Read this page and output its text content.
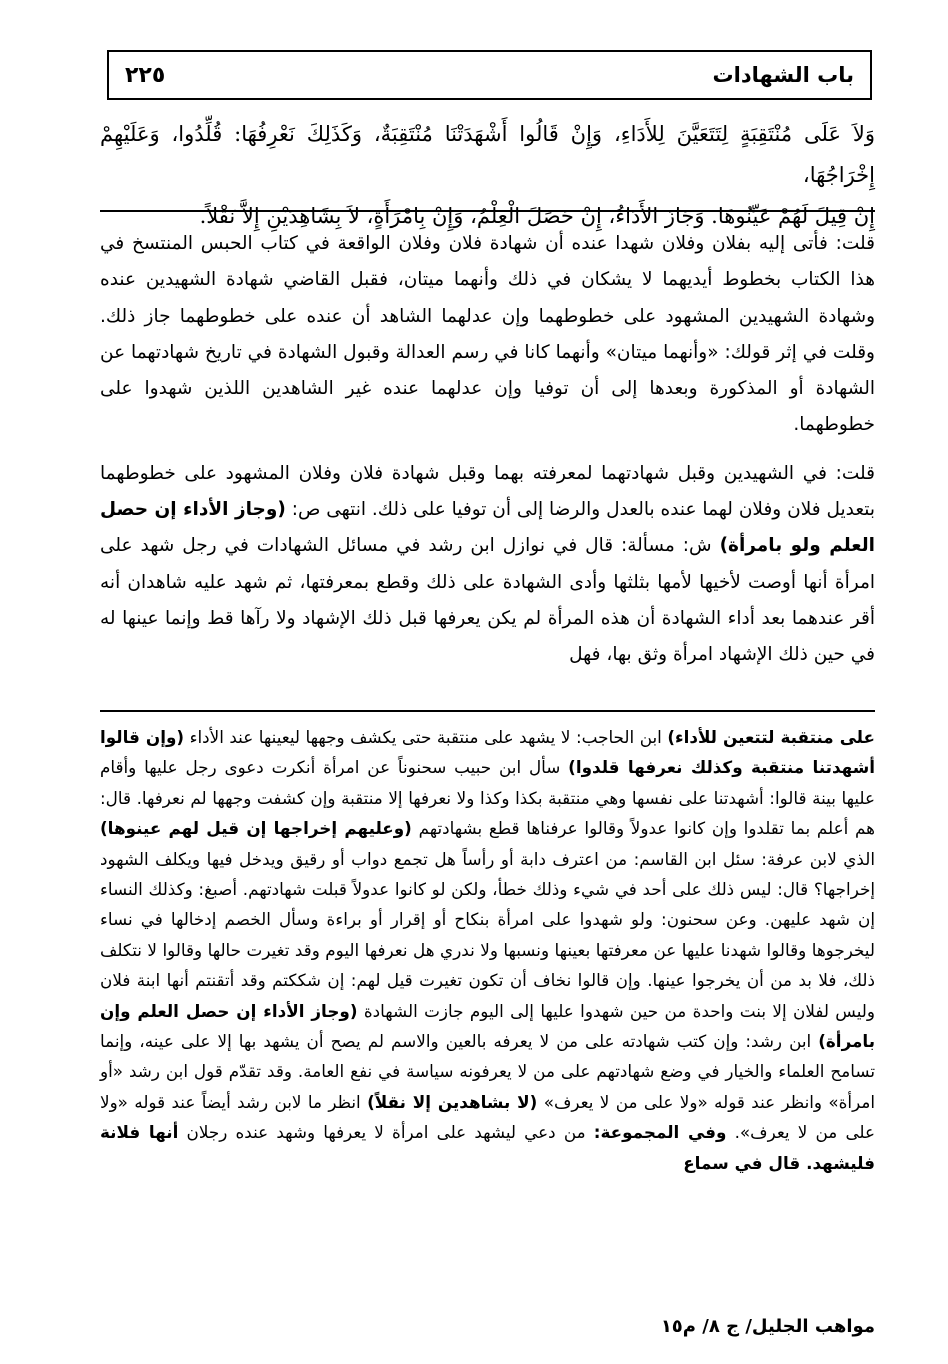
باب الشهادات
٢٢٥

وَلاَ عَلَى مُنْتَقِبَةٍ لِتَتَعَيَّنَ لِلأَدَاءِ، وَإِنْ قَالُوا أَشْهَدَتْنَا مُنْتَقِبَةٌ، وَكَذَلِكَ نَعْرِفُهَا: قُلِّدُوا، وَعَلَيْهِمْ إِخْرَاجُهَا،

إِنْ قِيلَ لَهُمْ عَيِّنُوهَا. وَجَازَ الأَدَاءُ، إِنْ حَصَلَ الْعِلْمُ، وَإِنْ بِامْرَأَةٍ، لاَ بِشَاهِدَيْنِ إِلاَّ نَقْلاً.

قلت: فأتى إليه بفلان وفلان شهدا عنده أن شهادة فلان وفلان الواقعة في كتاب الحبس المنتسخ في هذا الكتاب بخطوط أيديهما لا يشكان في ذلك وأنهما ميتان، فقبل القاضي شهادة الشهيدين عنده وشهادة الشهيدين المشهود على خطوطهما وإن عدلهما الشاهد أن عنده على خطوطهما جاز ذلك. وقلت في إثر قولك: «وأنهما ميتان» وأنهما كانا في رسم العدالة وقبول الشهادة في تاريخ شهادتهما عن الشهادة أو المذكورة وبعدها إلى أن توفيا وإن عدلهما عنده غير الشاهدين اللذين شهدوا على خطوطهما.

قلت: في الشهيدين وقبل شهادتهما لمعرفته بهما وقبل شهادة فلان وفلان المشهود على خطوطهما بتعديل فلان وفلان لهما عنده بالعدل والرضا إلى أن توفيا على ذلك. انتهى ص: (وجاز الأداء إن حصل العلم ولو بامرأة) ش: مسألة: قال في نوازل ابن رشد في مسائل الشهادات في رجل شهد على امرأة أنها أوصت لأخيها لأمها بثلثها وأدى الشهادة على ذلك وقطع بمعرفتها، ثم شهد عليه شاهدان أنه أقر عندهما بعد أداء الشهادة أن هذه المرأة لم يكن يعرفها قبل ذلك الإشهاد ولا رآها قط وإنما عينها له في حين ذلك الإشهاد امرأة وثق بها، فهل

على منتقبة لتتعين للأداء) ابن الحاجب: لا يشهد على منتقبة حتى يكشف وجهها ليعينها عند الأداء (وإن قالوا أشهدتنا منتقبة وكذلك نعرفها قلدوا) سأل ابن حبيب سحنوناً عن امرأة أنكرت دعوى رجل عليها وأقام عليها بينة قالوا: أشهدتنا على نفسها وهي منتقبة بكذا وكذا ولا نعرفها إلا منتقبة وإن كشفت وجهها لم نعرفها. قال: هم أعلم بما تقلدوا وإن كانوا عدولاً وقالوا عرفناها قطع بشهادتهم (وعليهم إخراجها إن قيل لهم عينوها) الذي لابن عرفة: سئل ابن القاسم: من اعترف دابة أو رأساً هل تجمع دواب أو رقيق ويدخل فيها ويكلف الشهود إخراجها؟ قال: ليس ذلك على أحد في شيء وذلك خطأ، ولكن لو كانوا عدولاً قبلت شهادتهم. أصبغ: وكذلك النساء إن شهد عليهن. وعن سحنون: ولو شهدوا على امرأة بنكاح أو إقرار أو براءة وسأل الخصم إدخالها في نساء ليخرجوها وقالوا شهدنا عليها عن معرفتها بعينها ونسبها ولا ندري هل نعرفها اليوم وقد تغيرت حالها وقالوا لا نتكلف ذلك، فلا بد من أن يخرجوا عينها. وإن قالوا نخاف أن تكون تغيرت قيل لهم: إن شككتم وقد أتقنتم أنها ابنة فلان وليس لفلان إلا بنت واحدة من حين شهدوا عليها إلى اليوم جازت الشهادة (وجاز الأداء إن حصل العلم وإن بامرأة) ابن رشد: وإن كتب شهادته على من لا يعرفه بالعين والاسم لم يصح أن يشهد بها إلا على عينه، وإنما تسامح العلماء والخيار في وضع شهادتهم على من لا يعرفونه سياسة في نفع العامة. وقد تقدّم قول ابن رشد «أو امرأة» وانظر عند قوله «ولا على من لا يعرف» (لا بشاهدين إلا نقلاً) انظر ما لابن رشد أيضاً عند قوله «ولا على من لا يعرف». وفي المجموعة: من دعي ليشهد على امرأة لا يعرفها وشهد عنده رجلان أنها فلانة فليشهد. قال في سماع

مواهب الجليل/ ج ٨/ م١٥
